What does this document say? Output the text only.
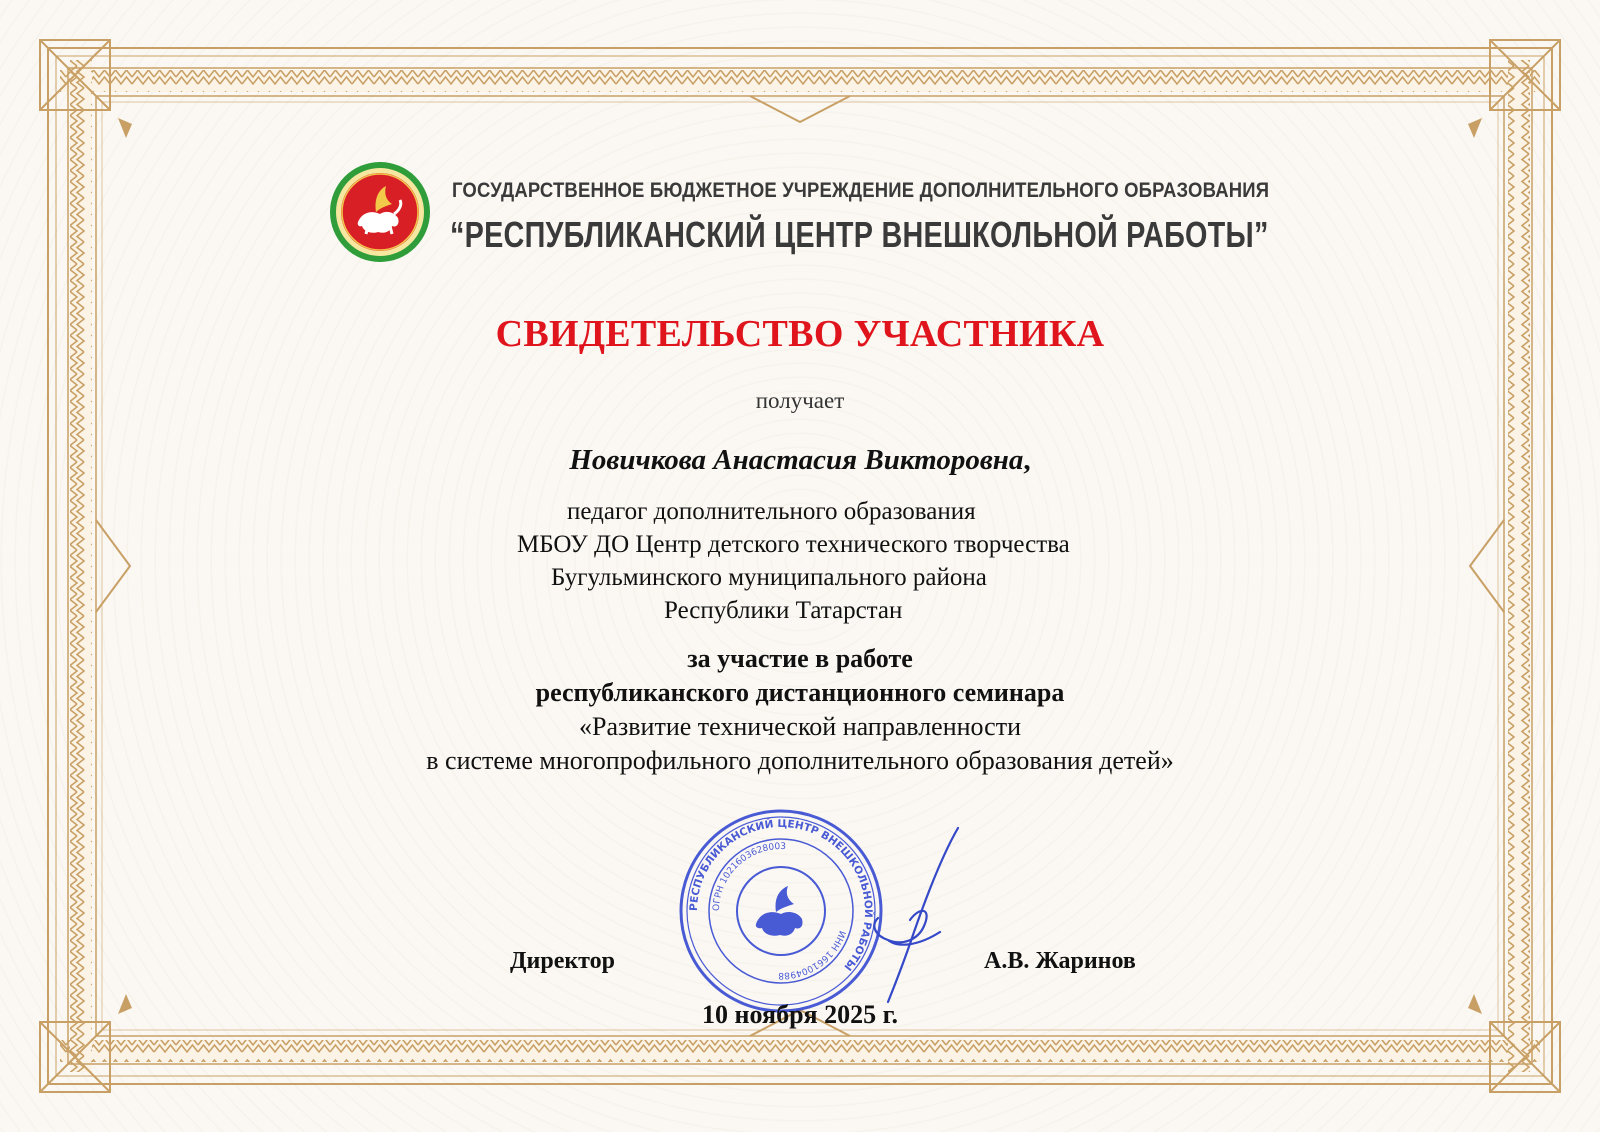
ГОСУДАРСТВЕННОЕ БЮДЖЕТНОЕ УЧРЕЖДЕНИЕ ДОПОЛНИТЕЛЬНОГО ОБРАЗОВАНИЯ
“РЕСПУБЛИКАНСКИЙ ЦЕНТР ВНЕШКОЛЬНОЙ РАБОТЫ”
СВИДЕТЕЛЬСТВО УЧАСТНИКА
получает
Новичкова Анастасия Викторовна,
педагог дополнительного образования
МБОУ ДО Центр детского технического творчества
Бугульминского муниципального района
Республики Татарстан
за участие в работе
республиканского дистанционного семинара
«Развитие технической направленности
в системе многопрофильного дополнительного образования детей»
РЕСПУБЛИКАНСКИЙ ЦЕНТР ВНЕШКОЛЬНОЙ РАБОТЫ
ОГРН 1021603628003
ИНН 1661004988
Директор	А.В. Жаринов
10 ноября 2025 г.
